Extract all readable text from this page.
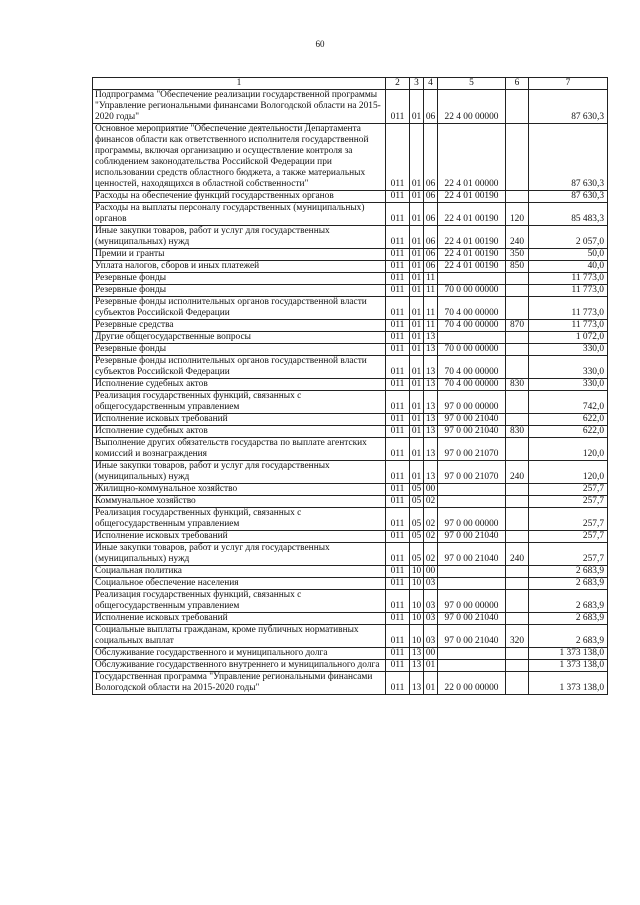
60
1	2	3	4	5	6	7
Подпрограмма "Обеспечение реализации государственной программы "Управление региональными финансами Вологодской области на 2015-2020 годы"	011	01	06	22 4 00 00000		87 630,3
Основное мероприятие "Обеспечение деятельности Департамента финансов области как ответственного исполнителя государственной программы, включая организацию и осуществление контроля за соблюдением законодательства Российской Федерации при использовании средств областного бюджета, а также материальных ценностей, находящихся в областной собственности"	011	01	06	22 4 01 00000		87 630,3
Расходы на обеспечение функций государственных органов	011	01	06	22 4 01 00190		87 630,3
Расходы на выплаты персоналу государственных (муниципальных) органов	011	01	06	22 4 01 00190	120	85 483,3
Иные закупки товаров, работ и услуг для государственных (муниципальных) нужд	011	01	06	22 4 01 00190	240	2 057,0
Премии и гранты	011	01	06	22 4 01 00190	350	50,0
Уплата налогов, сборов и иных платежей	011	01	06	22 4 01 00190	850	40,0
Резервные фонды	011	01	11			11 773,0
Резервные фонды	011	01	11	70 0 00 00000		11 773,0
Резервные фонды исполнительных органов государственной власти субъектов Российской Федерации	011	01	11	70 4 00 00000		11 773,0
Резервные средства	011	01	11	70 4 00 00000	870	11 773,0
Другие общегосударственные вопросы	011	01	13			1 072,0
Резервные фонды	011	01	13	70 0 00 00000		330,0
Резервные фонды исполнительных органов государственной власти субъектов Российской Федерации	011	01	13	70 4 00 00000		330,0
Исполнение судебных актов	011	01	13	70 4 00 00000	830	330,0
Реализация государственных функций, связанных с общегосударственным управлением	011	01	13	97 0 00 00000		742,0
Исполнение исковых требований	011	01	13	97 0 00 21040		622,0
Исполнение судебных актов	011	01	13	97 0 00 21040	830	622,0
Выполнение других обязательств государства по выплате агентских комиссий и вознаграждения	011	01	13	97 0 00 21070		120,0
Иные закупки товаров, работ и услуг для государственных (муниципальных) нужд	011	01	13	97 0 00 21070	240	120,0
Жилищно-коммунальное хозяйство	011	05	00			257,7
Коммунальное хозяйство	011	05	02			257,7
Реализация государственных функций, связанных с общегосударственным управлением	011	05	02	97 0 00 00000		257,7
Исполнение исковых требований	011	05	02	97 0 00 21040		257,7
Иные закупки товаров, работ и услуг для государственных (муниципальных) нужд	011	05	02	97 0 00 21040	240	257,7
Социальная политика	011	10	00			2 683,9
Социальное обеспечение населения	011	10	03			2 683,9
Реализация государственных функций, связанных с общегосударственным управлением	011	10	03	97 0 00 00000		2 683,9
Исполнение исковых требований	011	10	03	97 0 00 21040		2 683,9
Социальные выплаты гражданам, кроме публичных нормативных социальных выплат	011	10	03	97 0 00 21040	320	2 683,9
Обслуживание государственного и муниципального долга	011	13	00			1 373 138,0
Обслуживание государственного внутреннего и муниципального долга	011	13	01			1 373 138,0
Государственная программа "Управление региональными финансами Вологодской области на 2015-2020 годы"	011	13	01	22 0 00 00000		1 373 138,0
